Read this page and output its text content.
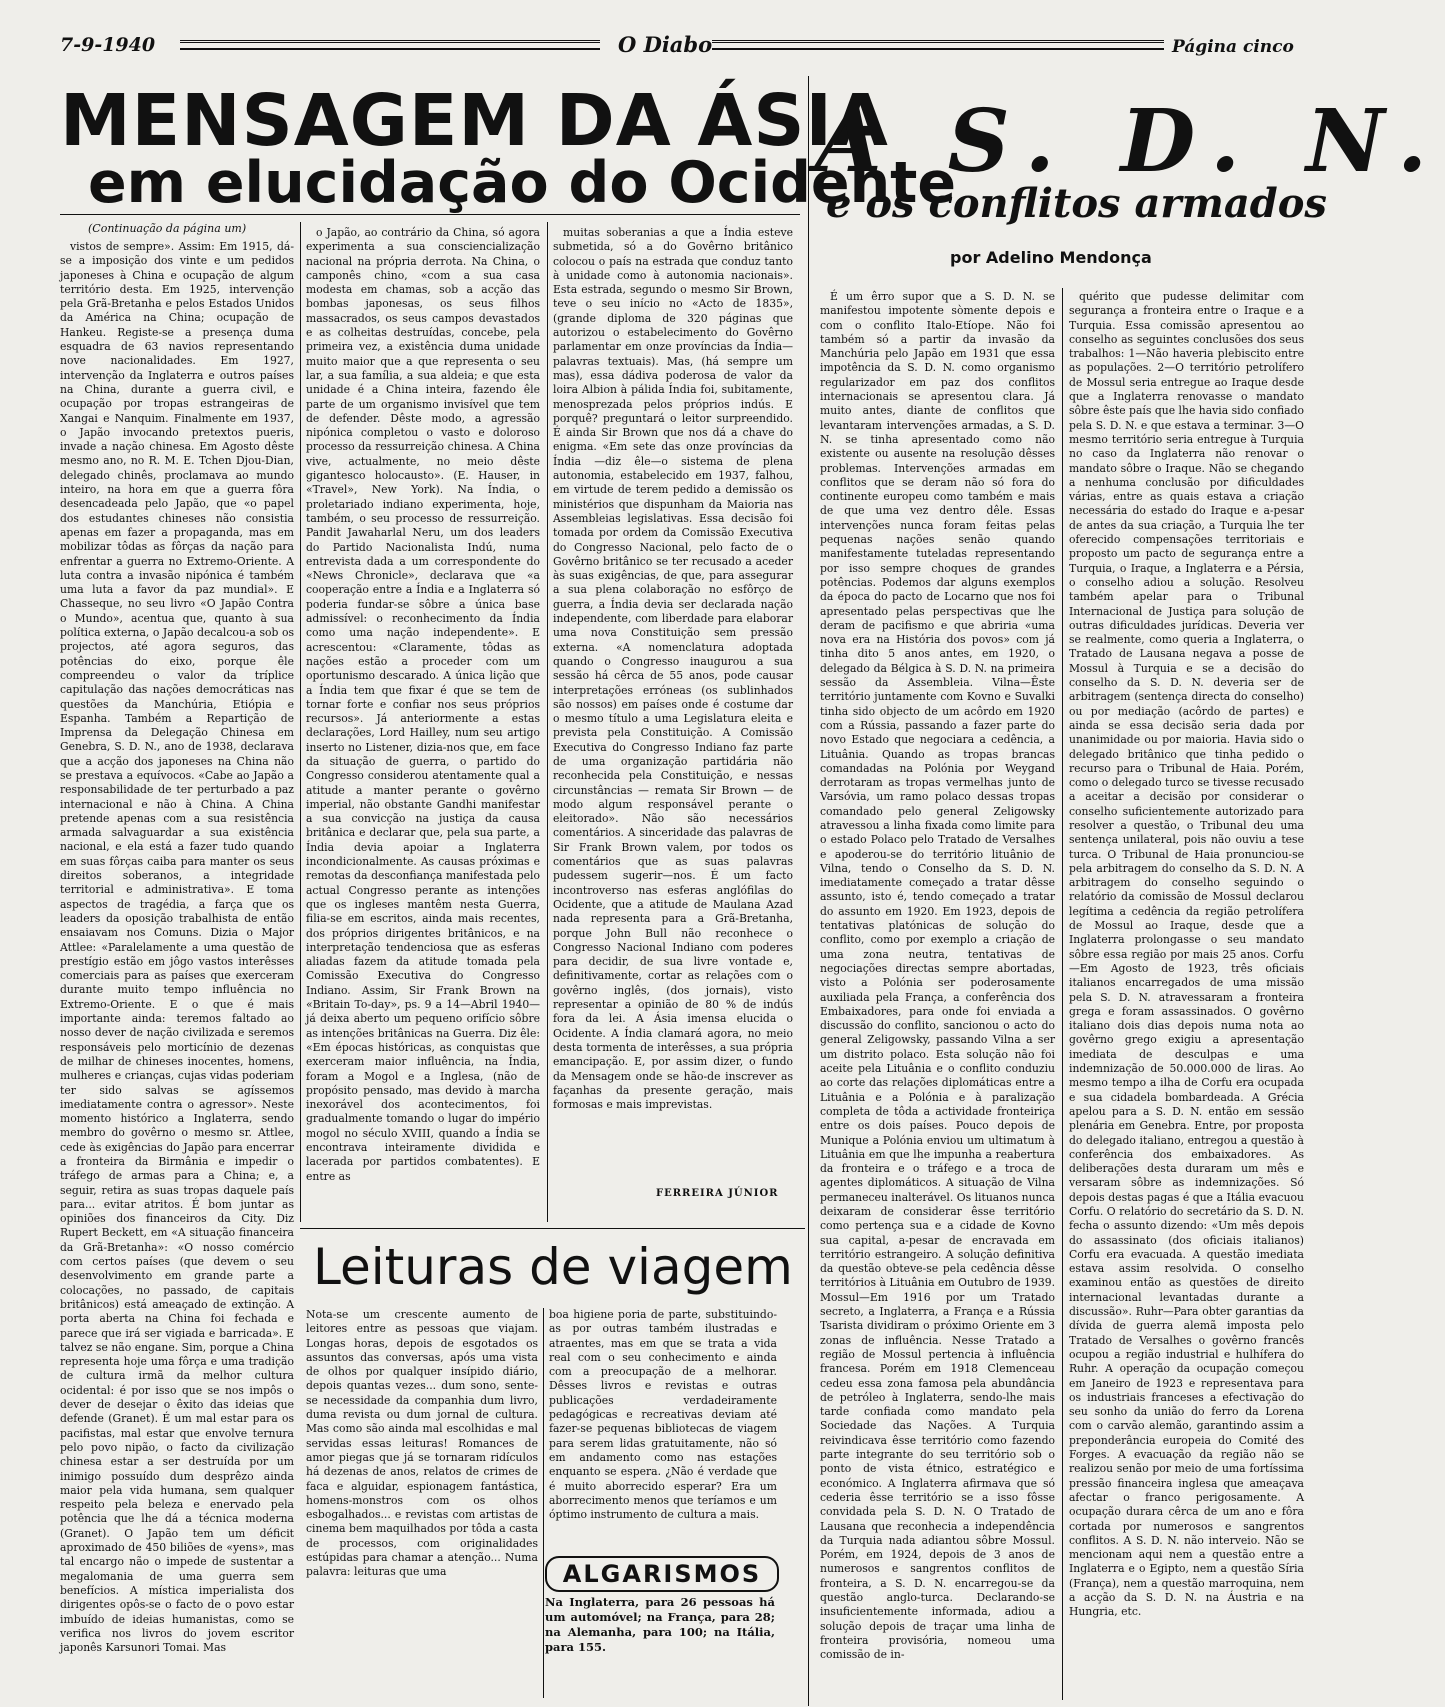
7-9-1940	O Diabo	Página cinco
MENSAGEM DA ÁSIA
em elucidação do Ocidente
A S. D. N.
e os conflitos armados
por Adelino Mendonça
(Continuação da página um)

vistos de sempre». Assim: Em 1915, dá-se a imposição dos vinte e um pedidos japoneses à China e ocupação de algum território desta. Em 1925, intervenção pela Grã-Bretanha e pelos Estados Unidos da América na China; ocupação de Hankeu. Registe-se a presença duma esquadra de 63 navios representando nove nacionalidades. Em 1927, intervenção da Inglaterra e outros países na China, durante a guerra civil, e ocupação por tropas estrangeiras de Xangai e Nanquim. Finalmente em 1937, o Japão invocando pretextos pueris, invade a nação chinesa. Em Agosto dêste mesmo ano, no R. M. E. Tchen Djou-Dian, delegado chinês, proclamava ao mundo inteiro, na hora em que a guerra fôra desencadeada pelo Japão, que «o papel dos estudantes chineses não consistia apenas em fazer a propaganda, mas em mobilizar tôdas as fôrças da nação para enfrentar a guerra no Extremo-Oriente. A luta contra a invasão nipónica é também uma luta a favor da paz mundial». E Chasseque, no seu livro «O Japão Contra o Mundo», acentua que, quanto à sua política externa, o Japão decalcou-a sob os projectos, até agora seguros, das potências do eixo, porque êle compreendeu o valor da tríplice capitulação das nações democráticas nas questões da Manchúria, Etiópia e Espanha. Também a Repartição de Imprensa da Delegação Chinesa em Genebra, S. D. N., ano de 1938, declarava que a acção dos japoneses na China não se prestava a equívocos. «Cabe ao Japão a responsabilidade de ter perturbado a paz internacional e não à China. A China pretende apenas com a sua resistência armada salvaguardar a sua existência nacional, e ela está a fazer tudo quando em suas fôrças caiba para manter os seus direitos soberanos, a integridade territorial e administrativa». E toma aspectos de tragédia, a farça que os leaders da oposição trabalhista de então ensaiavam nos Comuns. Dizia o Major Attlee: «Paralelamente a uma questão de prestígio estão em jôgo vastos interêsses comerciais para as países que exerceram durante muito tempo influência no Extremo-Oriente. E o que é mais importante ainda: teremos faltado ao nosso dever de nação civilizada e seremos responsáveis pelo morticínio de dezenas de milhar de chineses inocentes, homens, mulheres e crianças, cujas vidas poderiam ter sido salvas se agíssemos imediatamente contra o agressor». Neste momento histórico a Inglaterra, sendo membro do govêrno o mesmo sr. Attlee, cede às exigências do Japão para encerrar a fronteira da Birmânia e impedir o tráfego de armas para a China; e, a seguir, retira as suas tropas daquele país para... evitar atritos. É bom juntar as opiniões dos financeiros da City. Diz Rupert Beckett, em «A situação financeira da Grã-Bretanha»: «O nosso comércio com certos países (que devem o seu desenvolvimento em grande parte a colocações, no passado, de capitais britânicos) está ameaçado de extinção. A porta aberta na China foi fechada e parece que irá ser vigiada e barricada». E talvez se não engane. Sim, porque a China representa hoje uma fôrça e uma tradição de cultura irmã da melhor cultura ocidental: é por isso que se nos impôs o dever de desejar o êxito das ideias que defende (Granet). É um mal estar para os pacifistas, mal estar que envolve ternura pelo povo nipão, o facto da civilização chinesa estar a ser destruída por um inimigo possuído dum desprêzo ainda maior pela vida humana, sem qualquer respeito pela beleza e enervado pela potência que lhe dá a técnica moderna (Granet). O Japão tem um déficit aproximado de 450 biliões de «yens», mas tal encargo não o impede de sustentar a megalomania de uma guerra sem benefícios. A mística imperialista dos dirigentes opôs-se o facto de o povo estar imbuído de ideias humanistas, como se verifica nos livros do jovem escritor japonês Karsunori Tomai. Mas

o Japão, ao contrário da China, só agora experimenta a sua consciencialização nacional na própria derrota. Na China, o camponês chino, «com a sua casa modesta em chamas, sob a acção das bombas japonesas, os seus filhos massacrados, os seus campos devastados e as colheitas destruídas, concebe, pela primeira vez, a existência duma unidade muito maior que a que representa o seu lar, a sua família, a sua aldeia; e que esta unidade é a China inteira, fazendo êle parte de um organismo invisível que tem de defender. Dêste modo, a agressão nipónica completou o vasto e doloroso processo da ressurreição chinesa. A China vive, actualmente, no meio dêste gigantesco holocausto». (E. Hauser, in «Travel», New York). Na Índia, o proletariado indiano experimenta, hoje, também, o seu processo de ressurreição. Pandit Jawaharlal Neru, um dos leaders do Partido Nacionalista Indú, numa entrevista dada a um correspondente do «News Chronicle», declarava que «a cooperação entre a Índia e a Inglaterra só poderia fundar-se sôbre a única base admissível: o reconhecimento da Índia como uma nação independente». E acrescentou: «Claramente, tôdas as nações estão a proceder com um oportunismo descarado. A única lição que a Índia tem que fixar é que se tem de tornar forte e confiar nos seus próprios recursos». Já anteriormente a estas declarações, Lord Hailley, num seu artigo inserto no Listener, dizia-nos que, em face da situação de guerra, o partido do Congresso considerou atentamente qual a atitude a manter perante o govêrno imperial, não obstante Gandhi manifestar a sua convicção na justiça da causa britânica e declarar que, pela sua parte, a Índia devia apoiar a Inglaterra incondicionalmente. As causas próximas e remotas da desconfiança manifestada pelo actual Congresso perante as intenções que os ingleses mantêm nesta Guerra, filia-se em escritos, ainda mais recentes, dos próprios dirigentes britânicos, e na interpretação tendenciosa que as esferas aliadas fazem da atitude tomada pela Comissão Executiva do Congresso Indiano. Assim, Sir Frank Brown na «Britain To-day», ps. 9 a 14—Abril 1940—já deixa aberto um pequeno orifício sôbre as intenções britânicas na Guerra. Diz êle: «Em épocas históricas, as conquistas que exerceram maior influência, na Índia, foram a Mogol e a Inglesa, (não de propósito pensado, mas devido à marcha inexorável dos acontecimentos, foi gradualmente tomando o lugar do império mogol no século XVIII, quando a Índia se encontrava inteiramente dividida e lacerada por partidos combatentes). E entre as

muitas soberanias a que a Índia esteve submetida, só a do Govêrno britânico colocou o país na estrada que conduz tanto à unidade como à autonomia nacionais». Esta estrada, segundo o mesmo Sir Brown, teve o seu início no «Acto de 1835», (grande diploma de 320 páginas que autorizou o estabelecimento do Govêrno parlamentar em onze províncias da Índia—palavras textuais). Mas, (há sempre um mas), essa dádiva poderosa de valor da loira Albion à pálida Índia foi, subitamente, menosprezada pelos próprios indús. E porquê? preguntará o leitor surpreendido. É ainda Sir Brown que nos dá a chave do enigma. «Em sete das onze províncias da Índia —diz êle—o sistema de plena autonomia, estabelecido em 1937, falhou, em virtude de terem pedido a demissão os ministérios que dispunham da Maioria nas Assembleias legislativas. Essa decisão foi tomada por ordem da Comissão Executiva do Congresso Nacional, pelo facto de o Govêrno britânico se ter recusado a aceder às suas exigências, de que, para assegurar a sua plena colaboração no esfôrço de guerra, a Índia devia ser declarada nação independente, com liberdade para elaborar uma nova Constituição sem pressão externa. «A nomenclatura adoptada quando o Congresso inaugurou a sua sessão há cêrca de 55 anos, pode causar interpretações erróneas (os sublinhados são nossos) em países onde é costume dar o mesmo título a uma Legislatura eleita e prevista pela Constituição. A Comissão Executiva do Congresso Indiano faz parte de uma organização partidária não reconhecida pela Constituição, e nessas circunstâncias — remata Sir Brown — de modo algum responsável perante o eleitorado». Não são necessários comentários. A sinceridade das palavras de Sir Frank Brown valem, por todos os comentários que as suas palavras pudessem sugerir—nos. É um facto incontroverso nas esferas anglófilas do Ocidente, que a atitude de Maulana Azad nada representa para a Grã-Bretanha, porque John Bull não reconhece o Congresso Nacional Indiano com poderes para decidir, de sua livre vontade e, definitivamente, cortar as relações com o govêrno inglês, (dos jornais), visto representar a opinião de 80 % de indús fora da lei. A Ásia imensa elucida o Ocidente. A Índia clamará agora, no meio desta tormenta de interêsses, a sua própria emancipação. E, por assim dizer, o fundo da Mensagem onde se hão-de inscrever as façanhas da presente geração, mais formosas e mais imprevistas.

FERREIRA JÚNIOR
Leituras de viagem

Nota-se um crescente aumento de leitores entre as pessoas que viajam. Longas horas, depois de esgotados os assuntos das conversas, após uma vista de olhos por qualquer insípido diário, depois quantas vezes... dum sono, sente-se necessidade da companhia dum livro, duma revista ou dum jornal de cultura. Mas como são ainda mal escolhidas e mal servidas essas leituras! Romances de amor piegas que já se tornaram ridículos há dezenas de anos, relatos de crimes de faca e alguidar, espionagem fantástica, homens-monstros com os olhos esbogalhados... e revistas com artistas de cinema bem maquilhados por tôda a casta de processos, com originalidades estúpidas para chamar a atenção... Numa palavra: leituras que uma

boa higiene poria de parte, substituindo-as por outras também ilustradas e atraentes, mas em que se trata a vida real com o seu conhecimento e ainda com a preocupação de a melhorar. Dêsses livros e revistas e outras publicações verdadeiramente pedagógicas e recreativas deviam até fazer-se pequenas bibliotecas de viagem para serem lidas gratuitamente, não só em andamento como nas estações enquanto se espera. ¿Não é verdade que é muito aborrecido esperar? Era um aborrecimento menos que teríamos e um óptimo instrumento de cultura a mais.

ALGARISMOS
Na Inglaterra, para 26 pessoas há um automóvel; na França, para 28; na Alemanha, para 100; na Itália, para 155.

É um êrro supor que a S. D. N. se manifestou impotente sòmente depois e com o conflito Italo-Etíope. Não foi também só a partir da invasão da Manchúria pelo Japão em 1931 que essa impotência da S. D. N. como organismo regularizador em paz dos conflitos internacionais se apresentou clara. Já muito antes, diante de conflitos que levantaram intervenções armadas, a S. D. N. se tinha apresentado como não existente ou ausente na resolução dêsses problemas. Intervenções armadas em conflitos que se deram não só fora do continente europeu como também e mais de que uma vez dentro dêle. Essas intervenções nunca foram feitas pelas pequenas nações senão quando manifestamente tuteladas representando por isso sempre choques de grandes potências. Podemos dar alguns exemplos da época do pacto de Locarno que nos foi apresentado pelas perspectivas que lhe deram de pacifismo e que abriria «uma nova era na História dos povos» com já tinha dito 5 anos antes, em 1920, o delegado da Bélgica à S. D. N. na primeira sessão da Assembleia. Vilna—Êste território juntamente com Kovno e Suvalki tinha sido objecto de um acôrdo em 1920 com a Rússia, passando a fazer parte do novo Estado que negociara a cedência, a Lituânia. Quando as tropas brancas comandadas na Polónia por Weygand derrotaram as tropas vermelhas junto de Varsóvia, um ramo polaco dessas tropas comandado pelo general Zeligowsky atravessou a linha fixada como limite para o estado Polaco pelo Tratado de Versalhes e apoderou-se do território lituânio de Vilna, tendo o Conselho da S. D. N. imediatamente começado a tratar dêsse assunto, isto é, tendo começado a tratar do assunto em 1920. Em 1923, depois de tentativas platónicas de solução do conflito, como por exemplo a criação de uma zona neutra, tentativas de negociações directas sempre abortadas, visto a Polónia ser poderosamente auxiliada pela França, a conferência dos Embaixadores, para onde foi enviada a discussão do conflito, sancionou o acto do general Zeligowsky, passando Vilna a ser um distrito polaco. Esta solução não foi aceite pela Lituânia e o conflito conduziu ao corte das relações diplomáticas entre a Lituânia e a Polónia e à paralização completa de tôda a actividade fronteiriça entre os dois países. Pouco depois de Munique a Polónia enviou um ultimatum à Lituânia em que lhe impunha a reabertura da fronteira e o tráfego e a troca de agentes diplomáticos. A situação de Vilna permaneceu inalterável. Os lituanos nunca deixaram de considerar êsse território como pertença sua e a cidade de Kovno sua capital, a-pesar de encravada em território estrangeiro. A solução definitiva da questão obteve-se pela cedência dêsse territórios à Lituânia em Outubro de 1939. Mossul—Em 1916 por um Tratado secreto, a Inglaterra, a França e a Rússia Tsarista dividiram o próximo Oriente em 3 zonas de influência. Nesse Tratado a região de Mossul pertencia à influência francesa. Porém em 1918 Clemenceau cedeu essa zona famosa pela abundância de petróleo à Inglaterra, sendo-lhe mais tarde confiada como mandato pela Sociedade das Nações. A Turquia reivindicava êsse território como fazendo parte integrante do seu território sob o ponto de vista étnico, estratégico e económico. A Inglaterra afirmava que só cederia êsse território se a isso fôsse convidada pela S. D. N. O Tratado de Lausana que reconhecia a independência da Turquia nada adiantou sôbre Mossul. Porém, em 1924, depois de 3 anos de numerosos e sangrentos conflitos de fronteira, a S. D. N. encarregou-se da questão anglo-turca. Declarando-se insuficientemente informada, adiou a solução depois de traçar uma linha de fronteira provisória, nomeou uma comissão de in-

quérito que pudesse delimitar com segurança a fronteira entre o Iraque e a Turquia. Essa comissão apresentou ao conselho as seguintes conclusões dos seus trabalhos: 1—Não haveria plebiscito entre as populações. 2—O território petrolífero de Mossul seria entregue ao Iraque desde que a Inglaterra renovasse o mandato sôbre êste país que lhe havia sido confiado pela S. D. N. e que estava a terminar. 3—O mesmo território seria entregue à Turquia no caso da Inglaterra não renovar o mandato sôbre o Iraque. Não se chegando a nenhuma conclusão por dificuldades várias, entre as quais estava a criação necessária do estado do Iraque e a-pesar de antes da sua criação, a Turquia lhe ter oferecido compensações territoriais e proposto um pacto de segurança entre a Turquia, o Iraque, a Inglaterra e a Pérsia, o conselho adiou a solução. Resolveu também apelar para o Tribunal Internacional de Justiça para solução de outras dificuldades jurídicas. Deveria ver se realmente, como queria a Inglaterra, o Tratado de Lausana negava a posse de Mossul à Turquia e se a decisão do conselho da S. D. N. deveria ser de arbitragem (sentença directa do conselho) ou por mediação (acôrdo de partes) e ainda se essa decisão seria dada por unanimidade ou por maioria. Havia sido o delegado britânico que tinha pedido o recurso para o Tribunal de Haia. Porém, como o delegado turco se tivesse recusado a aceitar a decisão por considerar o conselho suficientemente autorizado para resolver a questão, o Tribunal deu uma sentença unilateral, pois não ouviu a tese turca. O Tribunal de Haia pronunciou-se pela arbitragem do conselho da S. D. N. A arbitragem do conselho seguindo o relatório da comissão de Mossul declarou legítima a cedência da região petrolífera de Mossul ao Iraque, desde que a Inglaterra prolongasse o seu mandato sôbre essa região por mais 25 anos. Corfu—Em Agosto de 1923, três oficiais italianos encarregados de uma missão pela S. D. N. atravessaram a fronteira grega e foram assassinados. O govêrno italiano dois dias depois numa nota ao govêrno grego exigiu a apresentação imediata de desculpas e uma indemnização de 50.000.000 de liras. Ao mesmo tempo a ilha de Corfu era ocupada e sua cidadela bombardeada. A Grécia apelou para a S. D. N. então em sessão plenária em Genebra. Entre, por proposta do delegado italiano, entregou a questão à conferência dos embaixadores. As deliberações desta duraram um mês e versaram sôbre as indemnizações. Só depois destas pagas é que a Itália evacuou Corfu. O relatório do secretário da S. D. N. fecha o assunto dizendo: «Um mês depois do assassinato (dos oficiais italianos) Corfu era evacuada. A questão imediata estava assim resolvida. O conselho examinou então as questões de direito internacional levantadas durante a discussão». Ruhr—Para obter garantias da dívida de guerra alemã imposta pelo Tratado de Versalhes o govêrno francês ocupou a região industrial e hulhífera do Ruhr. A operação da ocupação começou em Janeiro de 1923 e representava para os industriais franceses a efectivação do seu sonho da união do ferro da Lorena com o carvão alemão, garantindo assim a preponderância europeia do Comité des Forges. A evacuação da região não se realizou senão por meio de uma fortíssima pressão financeira inglesa que ameaçava afectar o franco perigosamente. A ocupação durara cêrca de um ano e fôra cortada por numerosos e sangrentos conflitos. A S. D. N. não interveio. Não se mencionam aqui nem a questão entre a Inglaterra e o Egipto, nem a questão Síria (França), nem a questão marroquina, nem a acção da S. D. N. na Áustria e na Hungria, etc.
